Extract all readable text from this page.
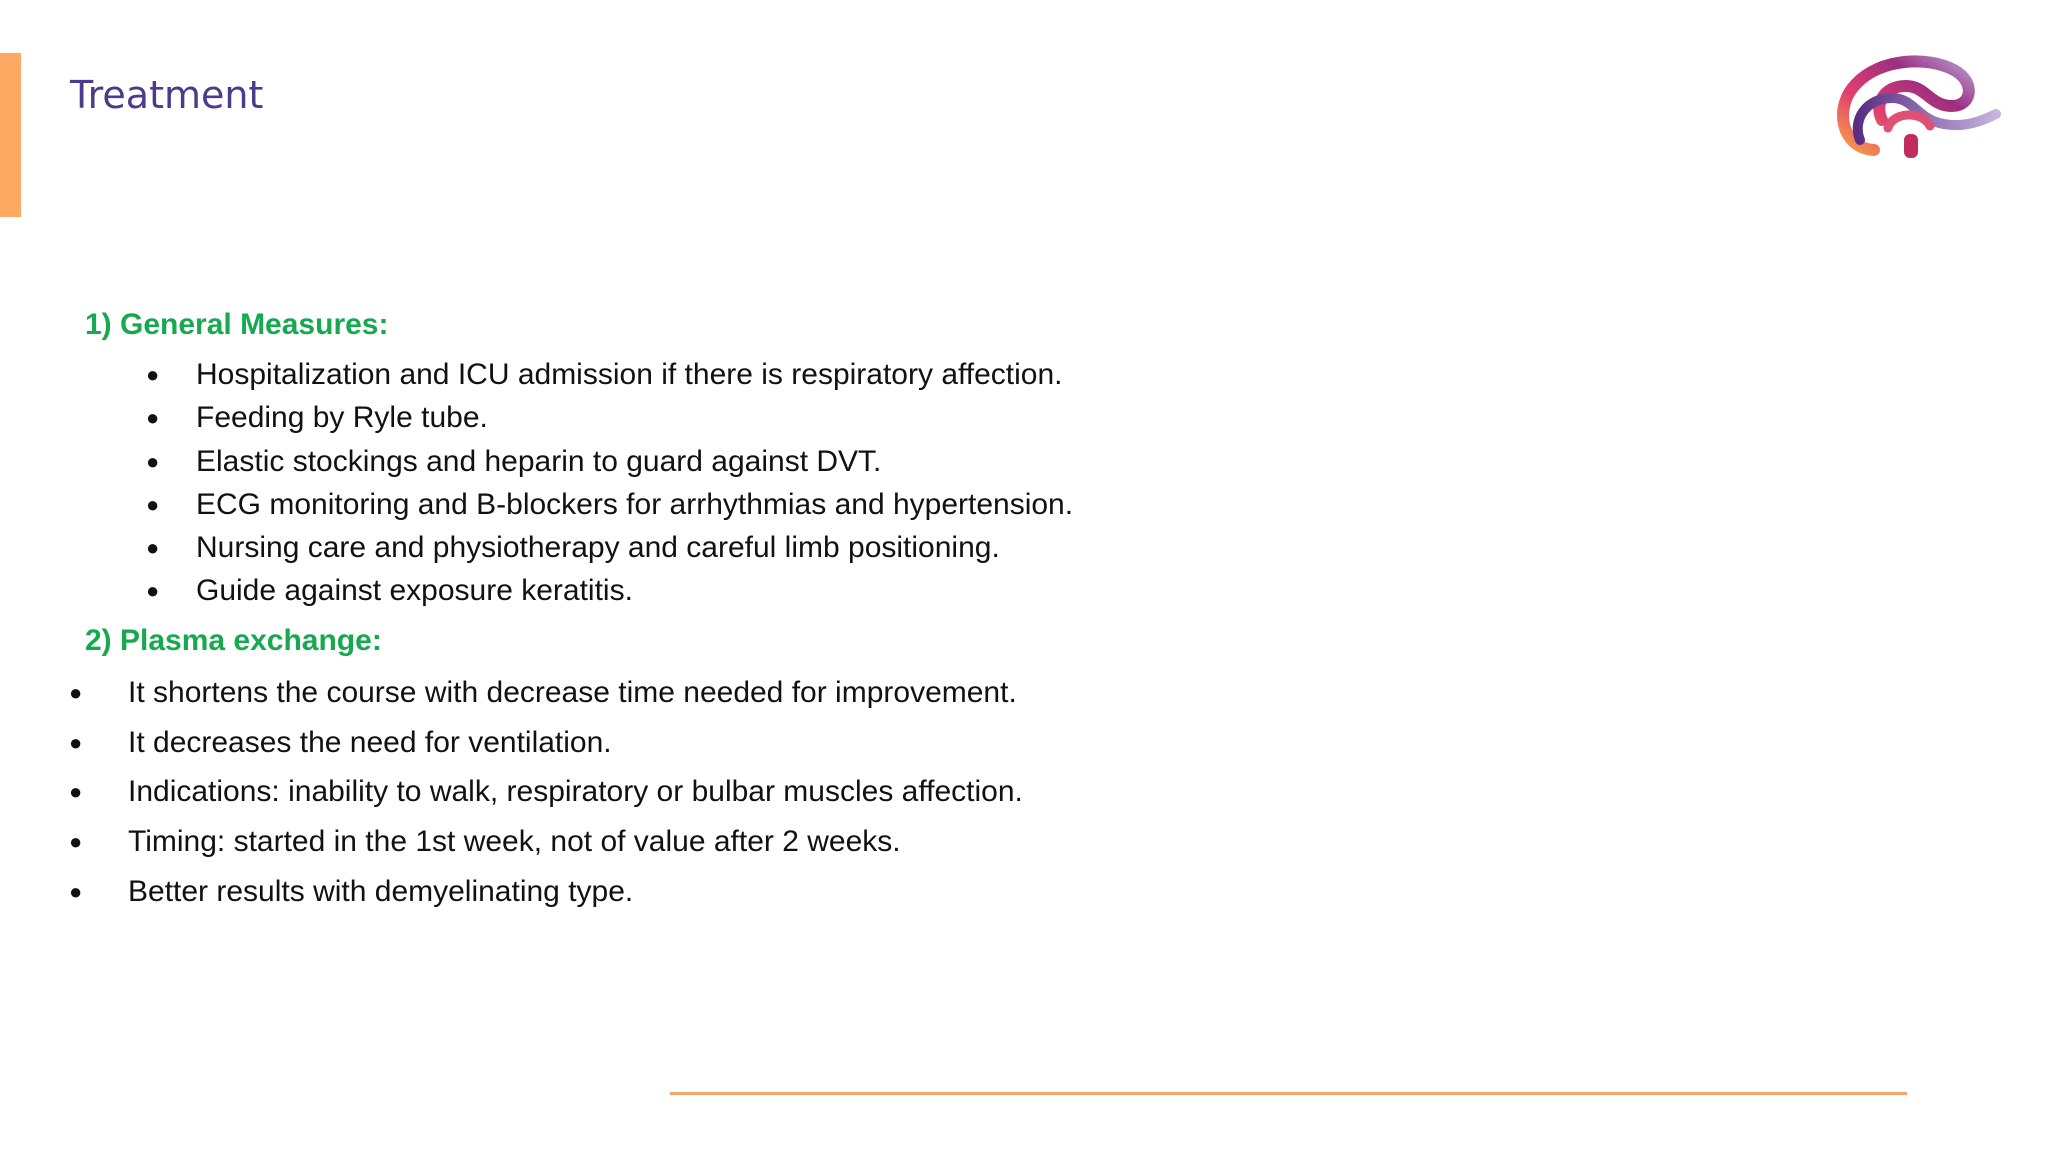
Treatment
1) General Measures:
● Hospitalization and ICU admission if there is respiratory affection.
● Feeding by Ryle tube.
● Elastic stockings and heparin to guard against DVT.
● ECG monitoring and B-blockers for arrhythmias and hypertension.
● Nursing care and physiotherapy and careful limb positioning.
● Guide against exposure keratitis.
2) Plasma exchange:
● It shortens the course with decrease time needed for improvement.
● It decreases the need for ventilation.
● Indications: inability to walk, respiratory or bulbar muscles affection.
● Timing: started in the 1st week, not of value after 2 weeks.
● Better results with demyelinating type.
